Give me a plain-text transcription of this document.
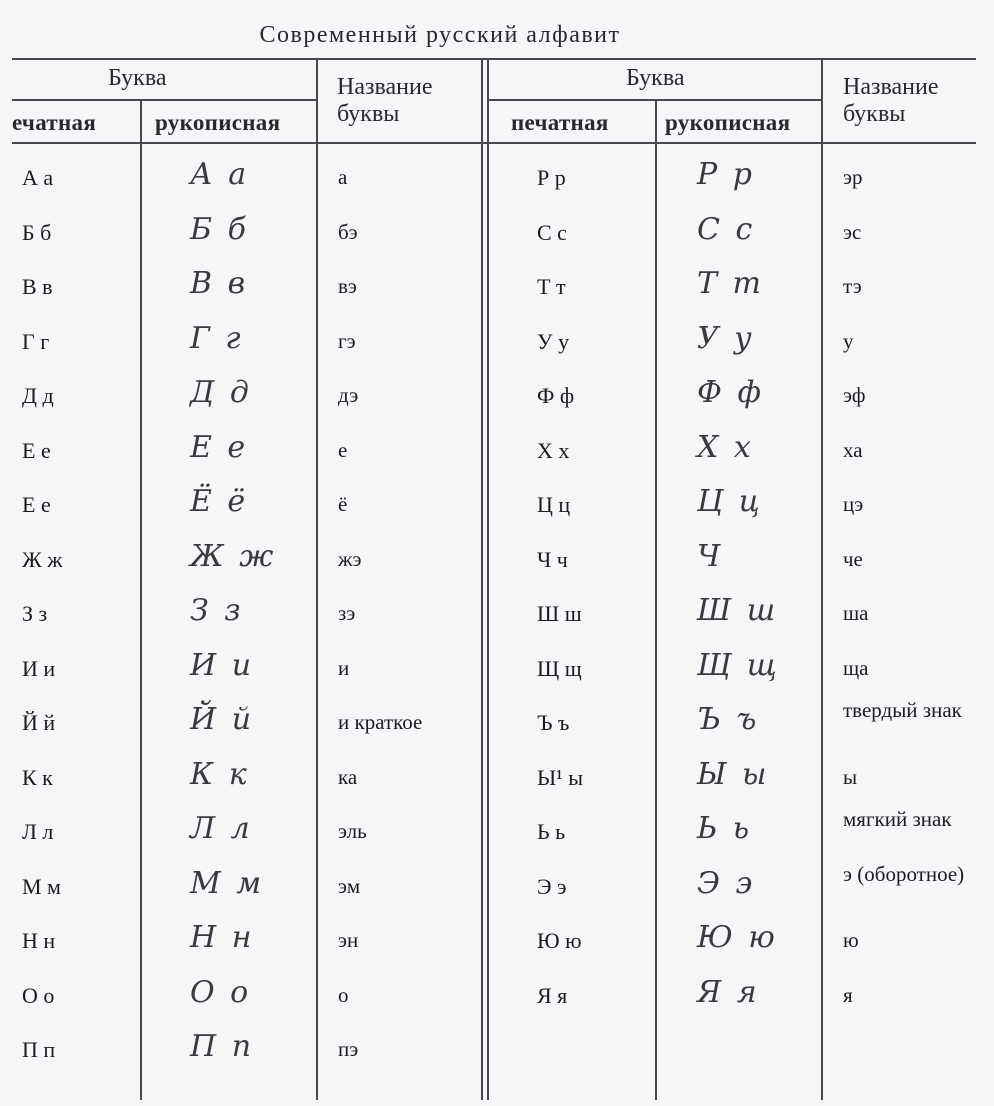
Современный русский алфавит
Буква
ечатная	рукописная
Название
буквы
Буква
печатная рукописная
Название
буквы
А а	А а	а
Б б	Б б	бэ
В в	В в	вэ
Г г	Г г	гэ
Д д	Д д	дэ
Е е	Е е	е
Е е	Ё ё	ё
Ж ж	Ж ж	жэ
З з	З з	зэ
И и	И и	и
Й й	Й й	и краткое
К к	К к	ка
Л л	Л л	эль
М м	М м	эм
Н н	Н н	эн
О о	О о	о
П п	П п	пэ
Р р	Р р	эр
С с	С с	эс
Т т	Т т	тэ
У у	У у	у
Ф ф	Ф ф	эф
Х х	Х х	ха
Ц ц	Ц ц	цэ
Ч ч	Ч	че
Ш ш	Ш ш	ша
Щ щ	Щ щ	ща
Ъ ъ	Ъ ъ	твердый знак
Ы¹ ы	Ы ы	ы
Ь ь	Ь ь	мягкий знак
Э э	Э э	э (оборотное)
Ю ю	Ю ю	ю
Я я	Я я	я
